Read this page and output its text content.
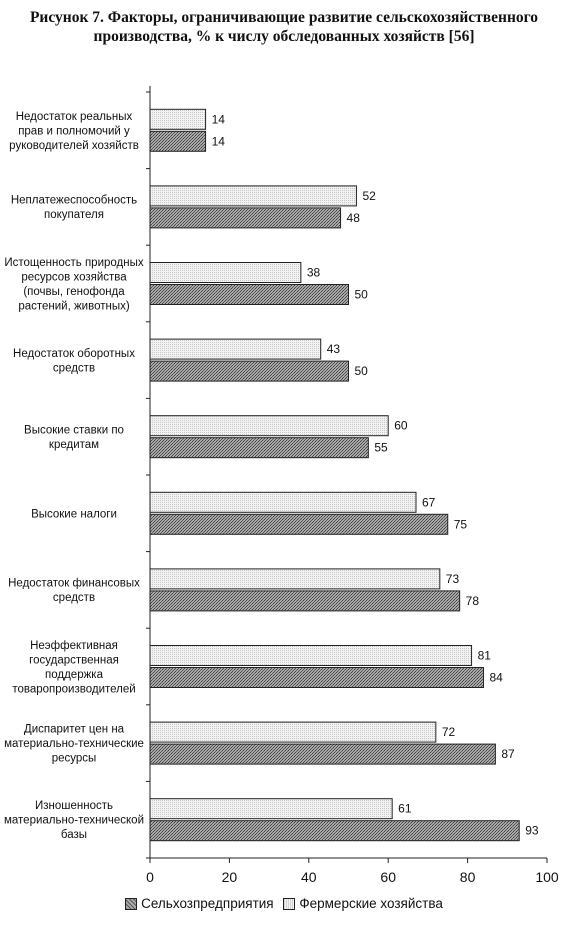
Рисунок 7. Факторы, ограничивающие развитие сельскохозяйственного
производства, % к числу обследованных хозяйств [56]
Недостаток реальных прав и полномочий у руководителей хозяйств
Неплатежеспособность покупателя
Истощенность природных ресурсов хозяйства (почвы, генофонда растений, животных)
Недостаток оборотных средств
Высокие ставки по кредитам
Высокие налоги
Недостаток финансовых средств
Неэффективная государственная поддержка товаропроизводителей
Диспаритет цен на материально-технические ресурсы
Изношенность материально-технической базы
14
14
52
48
38
50
43
50
60
55
67
75
73
78
81
84
72
87
61
93
0	20	40	60	80	100
Сельхозпредприятия
Фермерские хозяйства
